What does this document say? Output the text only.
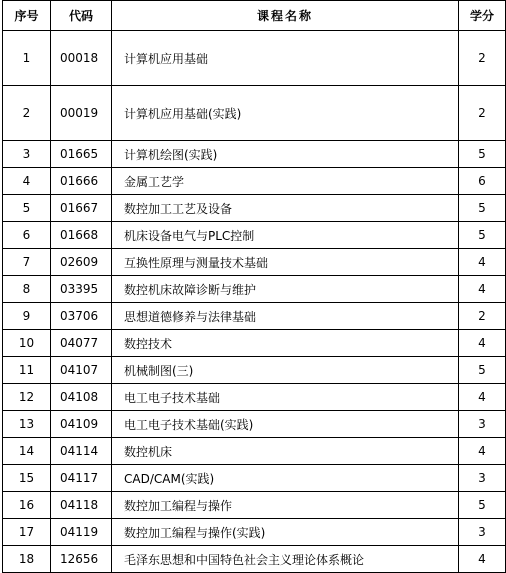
序号	代码	课程名称	学分
1	00018	计算机应用基础	2
2	00019	计算机应用基础(实践)	2
3	01665	计算机绘图(实践)	5
4	01666	金属工艺学	6
5	01667	数控加工工艺及设备	5
6	01668	机床设备电气与PLC控制	5
7	02609	互换性原理与测量技术基础	4
8	03395	数控机床故障诊断与维护	4
9	03706	思想道德修养与法律基础	2
10	04077	数控技术	4
11	04107	机械制图(三)	5
12	04108	电工电子技术基础	4
13	04109	电工电子技术基础(实践)	3
14	04114	数控机床	4
15	04117	CAD/CAM(实践)	3
16	04118	数控加工编程与操作	5
17	04119	数控加工编程与操作(实践)	3
18	12656	毛泽东思想和中国特色社会主义理论体系概论	4
